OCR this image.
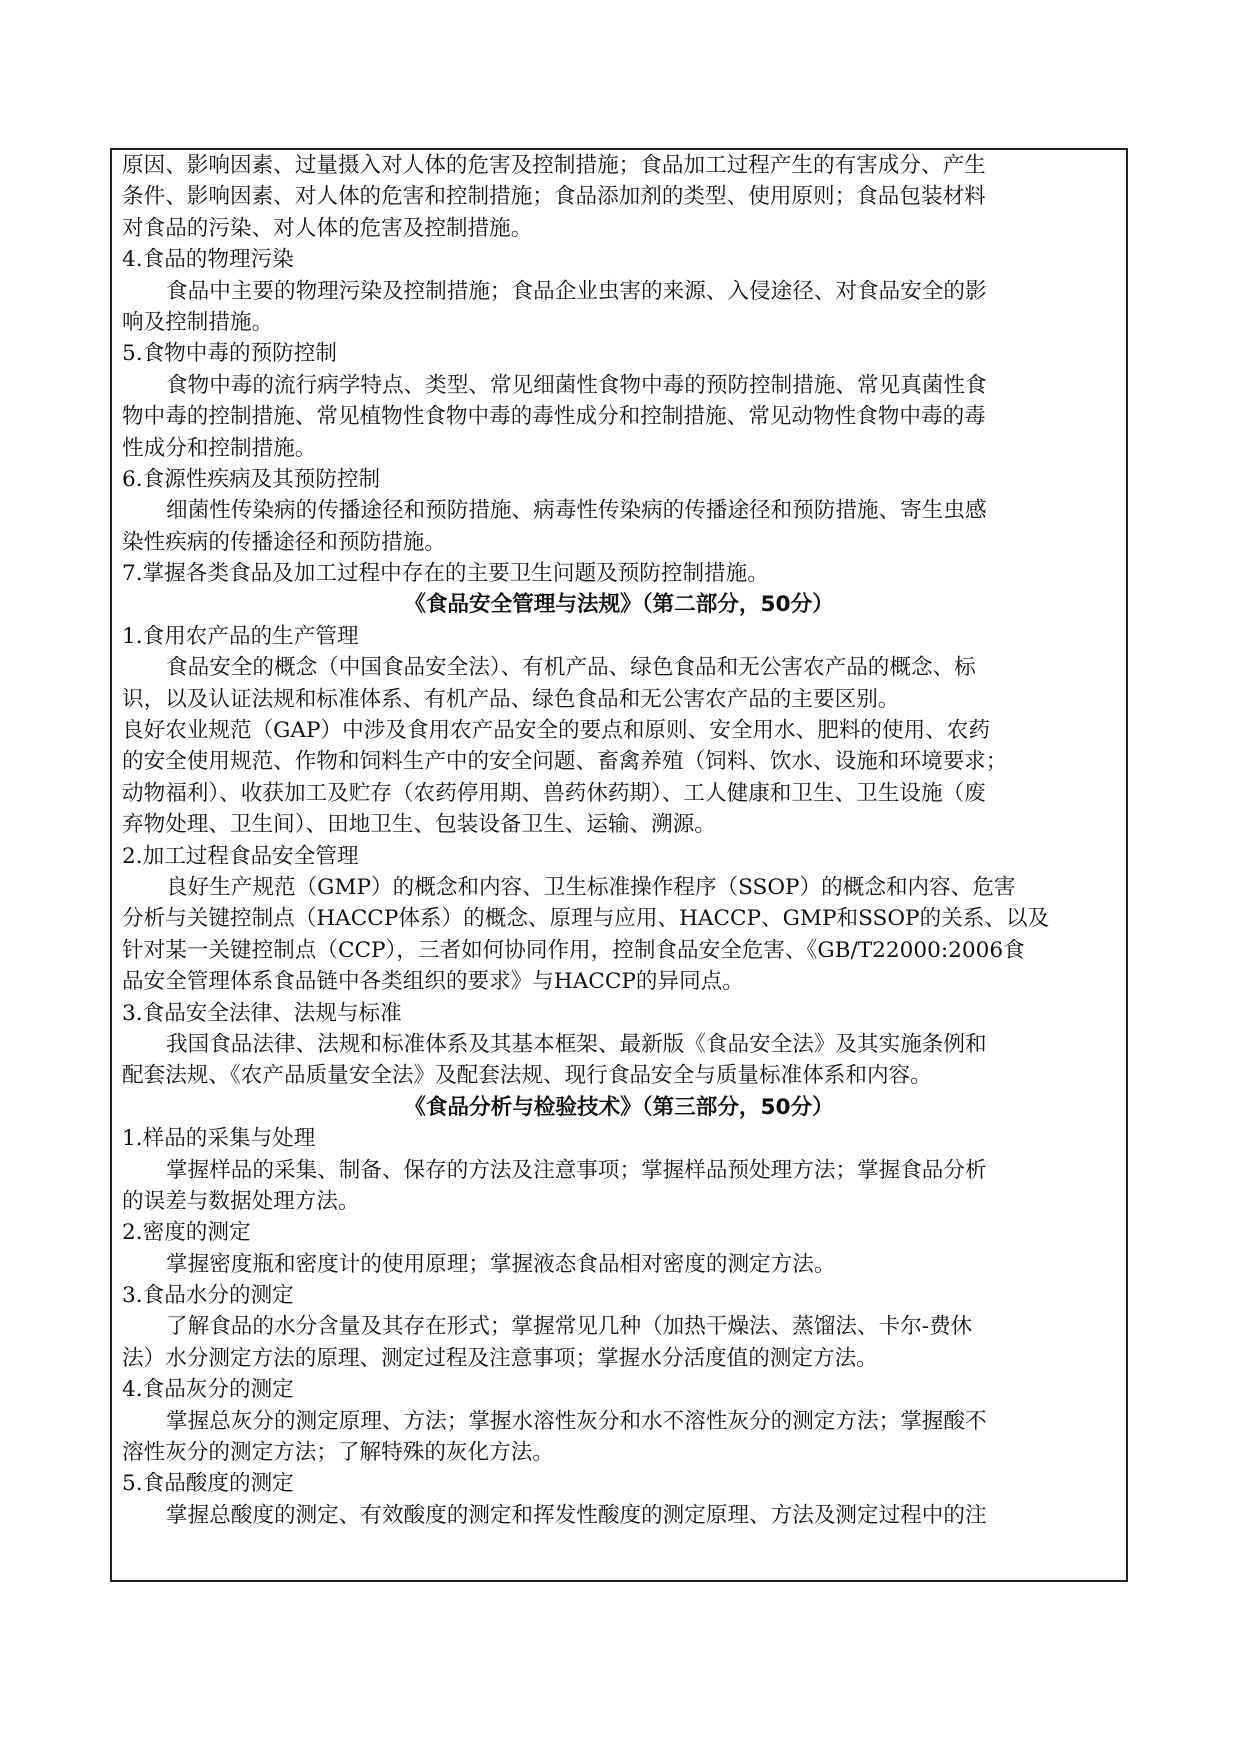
原因、影响因素、过量摄入对人体的危害及控制措施；食品加工过程产生的有害成分、产生
条件、影响因素、对人体的危害和控制措施；食品添加剂的类型、使用原则；食品包装材料
对食品的污染、对人体的危害及控制措施。
4.食品的物理污染
食品中主要的物理污染及控制措施；食品企业虫害的来源、入侵途径、对食品安全的影
响及控制措施。
5.食物中毒的预防控制
食物中毒的流行病学特点、类型、常见细菌性食物中毒的预防控制措施、常见真菌性食
物中毒的控制措施、常见植物性食物中毒的毒性成分和控制措施、常见动物性食物中毒的毒
性成分和控制措施。
6.食源性疾病及其预防控制
细菌性传染病的传播途径和预防措施、病毒性传染病的传播途径和预防措施、寄生虫感
染性疾病的传播途径和预防措施。
7.掌握各类食品及加工过程中存在的主要卫生问题及预防控制措施。
《食品安全管理与法规》（第二部分，50分）
1.食用农产品的生产管理
食品安全的概念（中国食品安全法）、有机产品、绿色食品和无公害农产品的概念、标
识，以及认证法规和标准体系、有机产品、绿色食品和无公害农产品的主要区别。
良好农业规范（GAP）中涉及食用农产品安全的要点和原则、安全用水、肥料的使用、农药
的安全使用规范、作物和饲料生产中的安全问题、畜禽养殖（饲料、饮水、设施和环境要求；
动物福利）、收获加工及贮存（农药停用期、兽药休药期）、工人健康和卫生、卫生设施（废
弃物处理、卫生间）、田地卫生、包装设备卫生、运输、溯源。
2.加工过程食品安全管理
良好生产规范（GMP）的概念和内容、卫生标准操作程序（SSOP）的概念和内容、危害
分析与关键控制点（HACCP体系）的概念、原理与应用、HACCP、GMP和SSOP的关系、以及
针对某一关键控制点（CCP），三者如何协同作用，控制食品安全危害、《GB/T22000:2006食
品安全管理体系食品链中各类组织的要求》与HACCP的异同点。
3.食品安全法律、法规与标准
我国食品法律、法规和标准体系及其基本框架、最新版《食品安全法》及其实施条例和
配套法规、《农产品质量安全法》及配套法规、现行食品安全与质量标准体系和内容。
《食品分析与检验技术》（第三部分，50分）
1.样品的采集与处理
掌握样品的采集、制备、保存的方法及注意事项；掌握样品预处理方法；掌握食品分析
的误差与数据处理方法。
2.密度的测定
掌握密度瓶和密度计的使用原理；掌握液态食品相对密度的测定方法。
3.食品水分的测定
了解食品的水分含量及其存在形式；掌握常见几种（加热干燥法、蒸馏法、卡尔-费休
法）水分测定方法的原理、测定过程及注意事项；掌握水分活度值的测定方法。
4.食品灰分的测定
掌握总灰分的测定原理、方法；掌握水溶性灰分和水不溶性灰分的测定方法；掌握酸不
溶性灰分的测定方法；了解特殊的灰化方法。
5.食品酸度的测定
掌握总酸度的测定、有效酸度的测定和挥发性酸度的测定原理、方法及测定过程中的注
